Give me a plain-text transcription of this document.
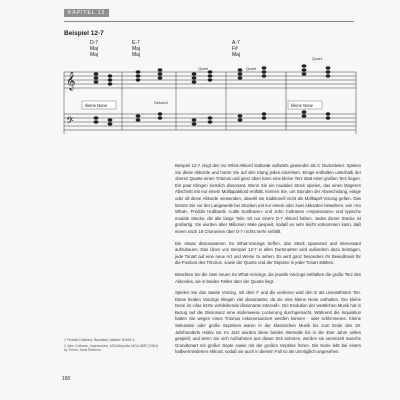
KAPITEL 12
Beispiel 12-7
D-7
Maj
Maj
E-7
Maj
Maj
A-7
F#
Maj
Quart
Sekund
Quart
Quart
𝄞
𝄢
kleine None	kleine None

Beispiel 12-7 zeigt den So What-Akkord stationär aufwärts gewendet als C Durtonleiter. Spielen Sie diese Akkorde und hören Sie auf den Klang jedes einzelnen. Einige enthalten unterhalb der oberen Quarte einen Tritonus und ganz oben kann eine kleine Terz statt einer großen Terz liegen. Ein paar Klingen ziemlich dissonant. Wenn Sie ein modales Stück spielen, das einen längeren Abschnitt mit nur einem Molltapakkord enthält, können Sie, um Stunden der Abwechslung, einige oder all diese Akkorde verwenden, obwohl sie traditionell nicht als Molltapef-Voicing gelten. Das könnte Sie vor der Langeweile bei Stücken mit nur einem oder zwei Akkorden bewahren, wie »So What«, Freddie Hubbards »Little Sunflower« und John Coltranes »Impressions« und typische modale Stücke, die alle lange Teile mit nur einem D-7 Akkord haben. Jedes dieser Stücke ist großartig. Sie wurden aber Millionen Male gespielt, sodaß es sehr leicht vorkommen kann, daß einem nach 19 Chorussen über D-7 nichts mehr einfällt.

Die etwas dissonanteren So What-Voicings treffen, das Stück spannend und interessant aufzubauen. Das Üben von Beispiel 12-7 in allen Durtonarten wird außerdem dazu beitragen, jede Tonart auf eine neue Art und Weise zu sehen. Es wird ganz besonders Ihr Bewußtsein für die Position des Tritonus, sowie der Quarte und der Septime in jeder Tonart stärken.

Beachten Sie die zwei neuen So What-Voicings, die jeweils Voicings enthalten die große Terz des Akkordes, sie in beiden Fällen über der Quarte liegt.

Spielen Sie das zweite Voicing, mit dem F und dis vertieren wird den E als unerwähnten Ton. Diese beiden Voicings klingen viel dissonanter, da sie eine kleine None enthalten. Die kleine None ist »das letzte verbleibende dissonante Intervall«. Die Evolution der westlichen Musik hat in Bezug auf die Dissonanz eine stufenweise Lockerung durchgemacht. Während die Inquisition hatten Sie wegen eines Tritonus exkommuniziert werden können - oder schlimmeres. Kleine Sekunden oder große Septimen waren in der klassischen Musik bis zum Ende des 19. Jahrhunderts relativ rar. Im Jazz wurden diese beiden Intervalle bis in die 40er Jahre selten gespielt, und wenn Sie sich Aufnahmen aus dieser Zeit anhören, werden sie vereinzelt manche Grundtonart mit großer Septe sowie mit der großen Septime hören. Die None lebt bei einem halbverminderten Akkord, sodaß sie auch in diesem Fall so als unmögllich angesehen.

1 Freddie Hubbard, Backlash, Atlantic 90466-4.
2 John Coltrane, Impressions, MCA/Impulse MCA-5887 (1961) by Turner Janis Reserve.
180
